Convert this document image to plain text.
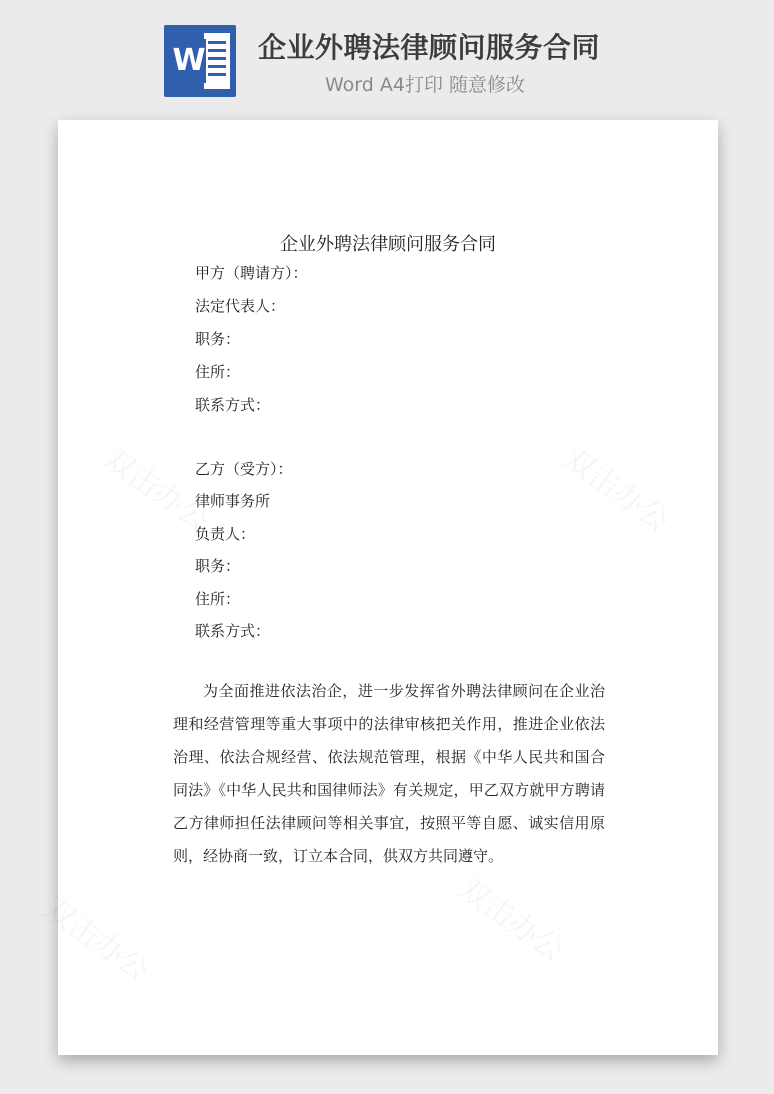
W 企业外聘法律顾问服务合同
Word A4打印 随意修改
企业外聘法律顾问服务合同
甲方（聘请方）：
法定代表人：
职务：
住所：
联系方式：
乙方（受方）：
律师事务所
负责人：
职务：
住所：
联系方式：
为全面推进依法治企，进一步发挥省外聘法律顾问在企业治理和经营管理等重大事项中的法律审核把关作用，推进企业依法治理、依法合规经营、依法规范管理，根据《中华人民共和国合同法》《中华人民共和国律师法》有关规定，甲乙双方就甲方聘请乙方律师担任法律顾问等相关事宜，按照平等自愿、诚实信用原则，经协商一致，订立本合同，供双方共同遵守。
